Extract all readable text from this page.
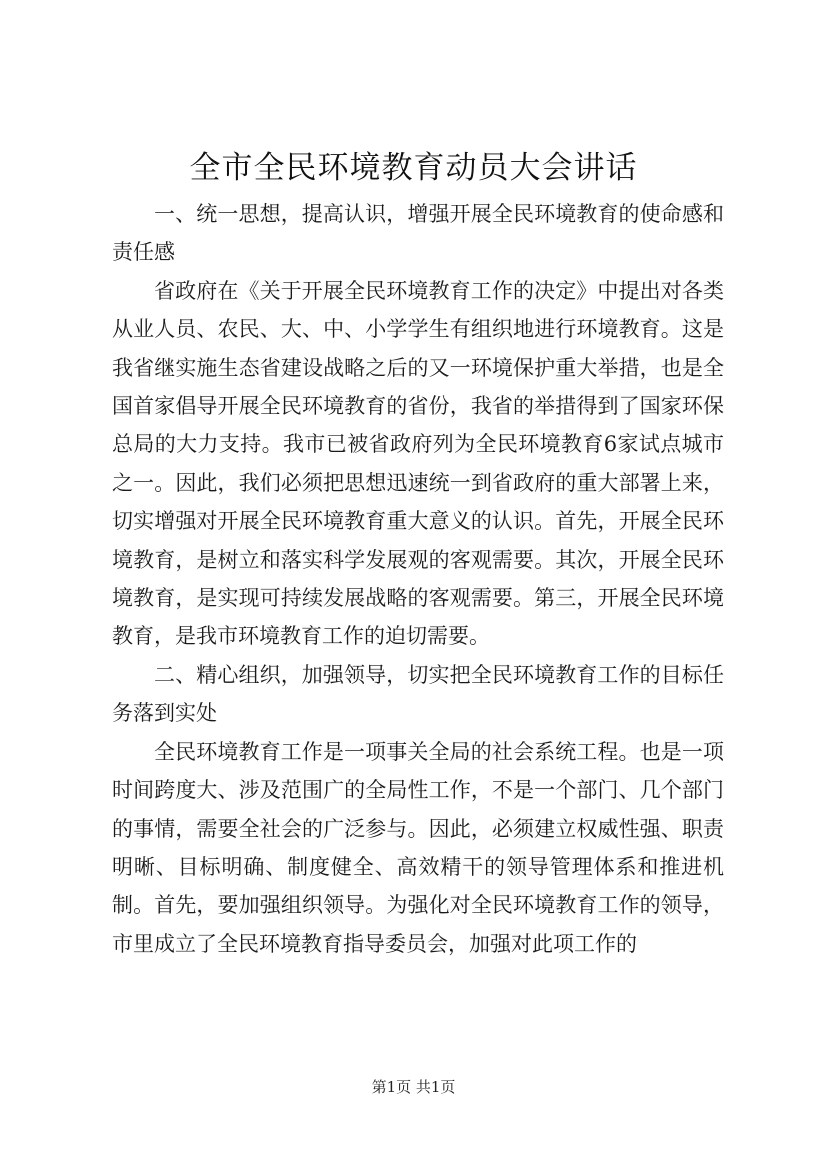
全市全民环境教育动员大会讲话

一、统一思想，提高认识，增强开展全民环境教育的使命感和责任感

省政府在《关于开展全民环境教育工作的决定》中提出对各类从业人员、农民、大、中、小学学生有组织地进行环境教育。这是我省继实施生态省建设战略之后的又一环境保护重大举措，也是全国首家倡导开展全民环境教育的省份，我省的举措得到了国家环保总局的大力支持。我市已被省政府列为全民环境教育6家试点城市之一。因此，我们必须把思想迅速统一到省政府的重大部署上来，切实增强对开展全民环境教育重大意义的认识。首先，开展全民环境教育，是树立和落实科学发展观的客观需要。其次，开展全民环境教育，是实现可持续发展战略的客观需要。第三，开展全民环境教育，是我市环境教育工作的迫切需要。

二、精心组织，加强领导，切实把全民环境教育工作的目标任务落到实处

全民环境教育工作是一项事关全局的社会系统工程。也是一项时间跨度大、涉及范围广的全局性工作，不是一个部门、几个部门的事情，需要全社会的广泛参与。因此，必须建立权威性强、职责明晰、目标明确、制度健全、高效精干的领导管理体系和推进机制。首先，要加强组织领导。为强化对全民环境教育工作的领导，市里成立了全民环境教育指导委员会，加强对此项工作的

第1页 共1页
